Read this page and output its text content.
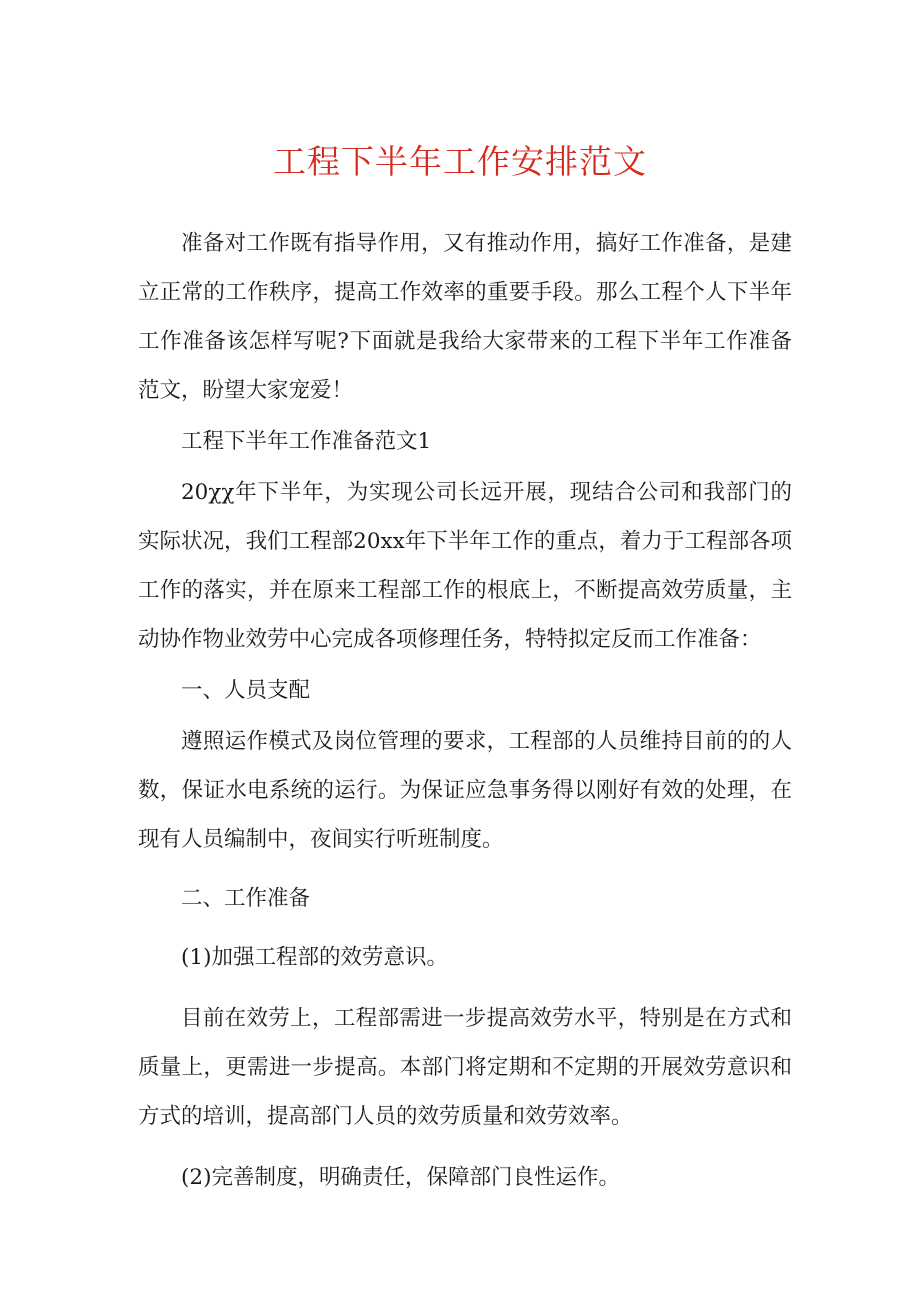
工程下半年工作安排范文

准备对工作既有指导作用，又有推动作用，搞好工作准备，是建立正常的工作秩序，提高工作效率的重要手段。那么工程个人下半年工作准备该怎样写呢?下面就是我给大家带来的工程下半年工作准备范文，盼望大家宠爱！

工程下半年工作准备范文1

20χχ年下半年，为实现公司长远开展，现结合公司和我部门的实际状况，我们工程部20xx年下半年工作的重点，着力于工程部各项工作的落实，并在原来工程部工作的根底上，不断提高效劳质量，主动协作物业效劳中心完成各项修理任务，特特拟定反而工作准备：

一、人员支配

遵照运作模式及岗位管理的要求，工程部的人员维持目前的的人数，保证水电系统的运行。为保证应急事务得以刚好有效的处理，在现有人员编制中，夜间实行听班制度。

二、工作准备

(1)加强工程部的效劳意识。

目前在效劳上，工程部需进一步提高效劳水平，特别是在方式和质量上，更需进一步提高。本部门将定期和不定期的开展效劳意识和方式的培训，提高部门人员的效劳质量和效劳效率。

(2)完善制度，明确责任，保障部门良性运作。
